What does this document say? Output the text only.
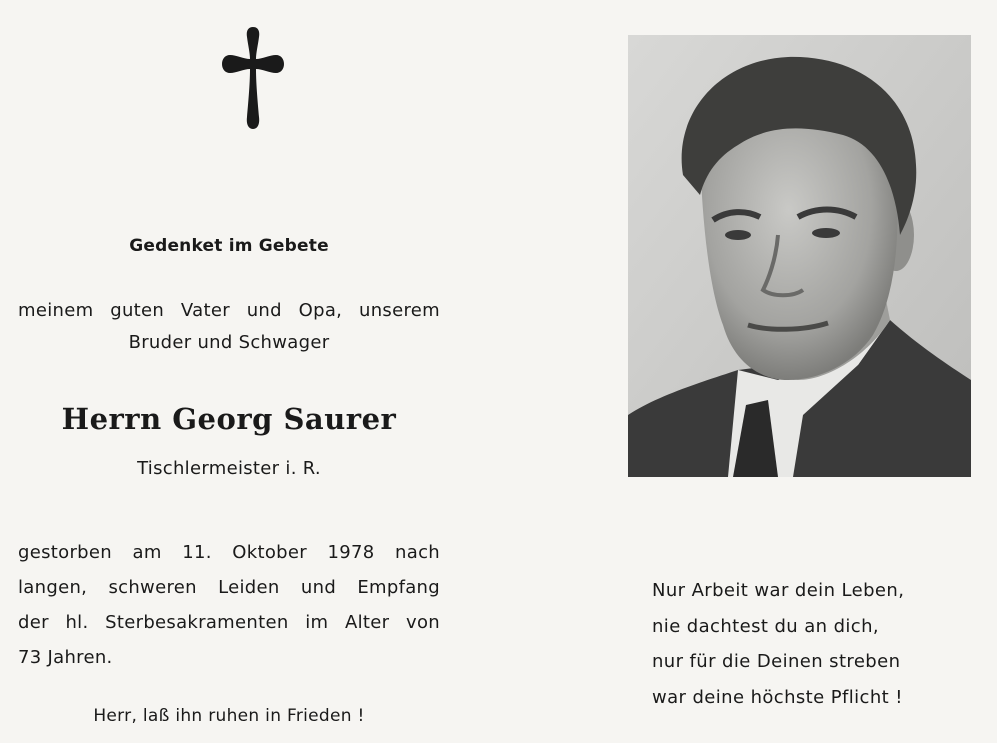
Gedenket im Gebete
meinem guten Vater und Opa, unserem
Bruder und Schwager
Herrn Georg Saurer
Tischlermeister i. R.
gestorben am 11. Oktober 1978 nach
langen, schweren Leiden und Empfang
der hl. Sterbesakramenten im Alter von
73 Jahren.
Herr, laß ihn ruhen in Frieden !
Nur Arbeit war dein Leben,
nie dachtest du an dich,
nur für die Deinen streben
war deine höchste Pflicht !
